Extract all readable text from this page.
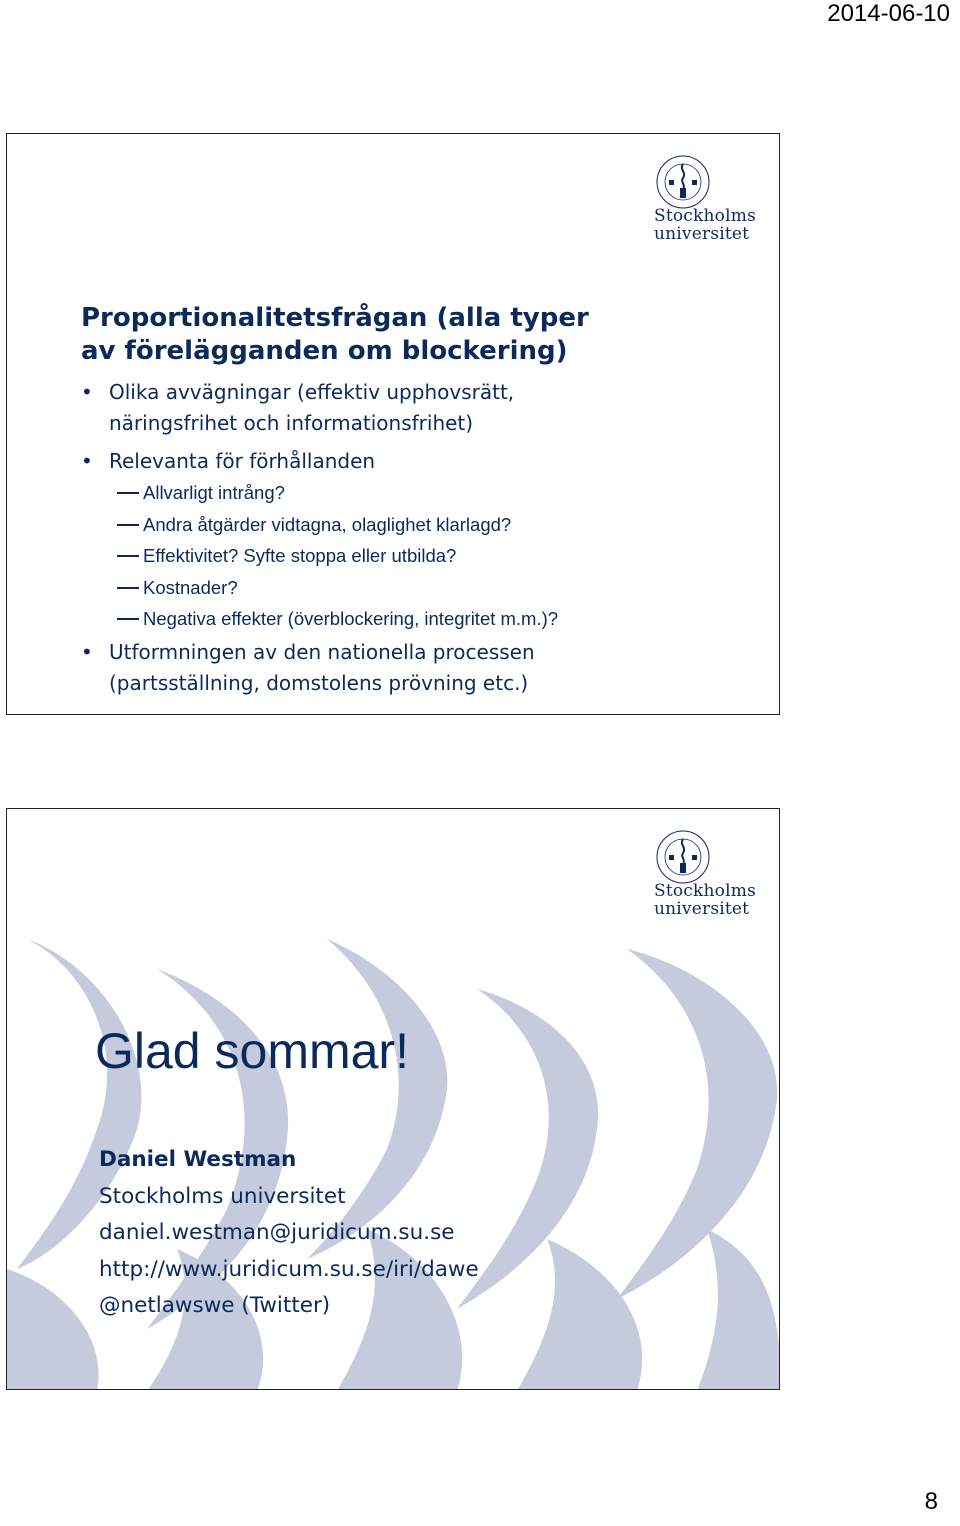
2014-06-10
Stockholms
universitet
Proportionalitetsfrågan (alla typer
av förelägganden om blockering)
• Olika avvägningar (effektiv upphovsrätt,
näringsfrihet och informationsfrihet)
• Relevanta för förhållanden
Allvarligt intrång?
Andra åtgärder vidtagna, olaglighet klarlagd?
Effektivitet? Syfte stoppa eller utbilda?
Kostnader?
Negativa effekter (överblockering, integritet m.m.)?
• Utformningen av den nationella processen
(partsställning, domstolens prövning etc.)
Stockholms
universitet
Glad sommar!
Daniel Westman
Stockholms universitet
daniel.westman@juridicum.su.se
http://www.juridicum.su.se/iri/dawe
@netlawswe (Twitter)
8
